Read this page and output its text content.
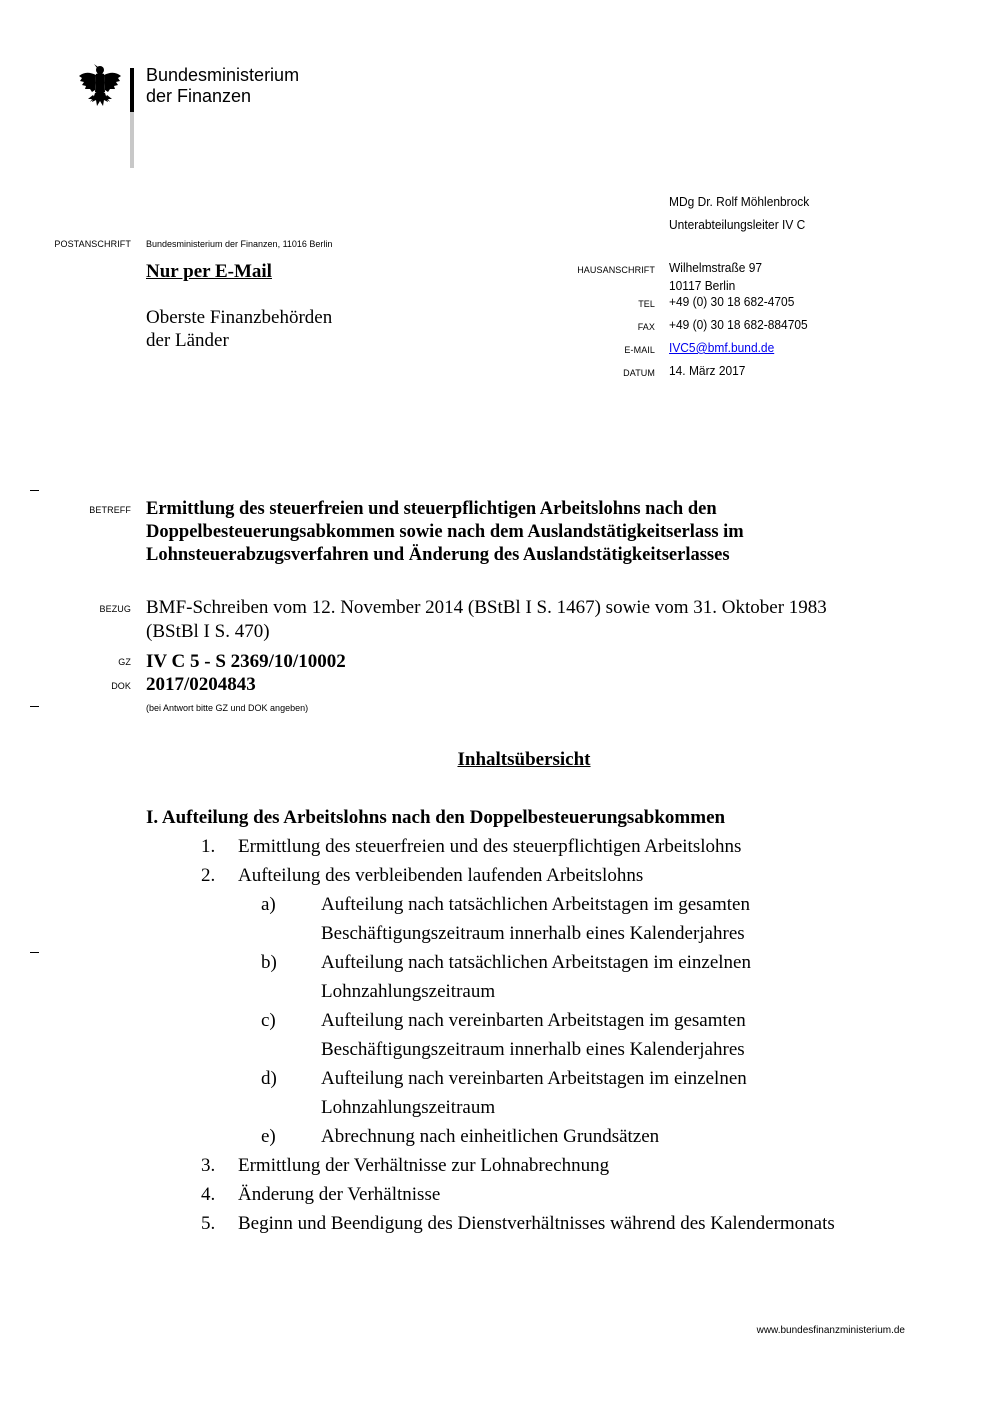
Bundesministerium
der Finanzen
MDg Dr. Rolf Möhlenbrock
Unterabteilungsleiter IV C
POSTANSCHRIFT Bundesministerium der Finanzen, 11016 Berlin
Nur per E-Mail
Oberste Finanzbehörden
der Länder
HAUSANSCHRIFT Wilhelmstraße 97
10117 Berlin
TEL +49 (0) 30 18 682-4705
FAX +49 (0) 30 18 682-884705
E-MAIL IVC5@bmf.bund.de
DATUM 14. März 2017
BETREFF Ermittlung des steuerfreien und steuerpflichtigen Arbeitslohns nach den Doppelbesteuerungsabkommen sowie nach dem Auslandstätigkeitserlass im Lohnsteuerabzugsverfahren und Änderung des Auslandstätigkeitserlasses
BEZUG BMF-Schreiben vom 12. November 2014 (BStBl I S. 1467) sowie vom 31. Oktober 1983 (BStBl I S. 470)
GZ IV C 5 - S 2369/10/10002
DOK 2017/0204843
(bei Antwort bitte GZ und DOK angeben)
Inhaltsübersicht
I. Aufteilung des Arbeitslohns nach den Doppelbesteuerungsabkommen
1. Ermittlung des steuerfreien und des steuerpflichtigen Arbeitslohns
2. Aufteilung des verbleibenden laufenden Arbeitslohns
a) Aufteilung nach tatsächlichen Arbeitstagen im gesamten
Beschäftigungszeitraum innerhalb eines Kalenderjahres
b) Aufteilung nach tatsächlichen Arbeitstagen im einzelnen
Lohnzahlungszeitraum
c) Aufteilung nach vereinbarten Arbeitstagen im gesamten
Beschäftigungszeitraum innerhalb eines Kalenderjahres
d) Aufteilung nach vereinbarten Arbeitstagen im einzelnen
Lohnzahlungszeitraum
e) Abrechnung nach einheitlichen Grundsätzen
3. Ermittlung der Verhältnisse zur Lohnabrechnung
4. Änderung der Verhältnisse
5. Beginn und Beendigung des Dienstverhältnisses während des Kalendermonats
www.bundesfinanzministerium.de
